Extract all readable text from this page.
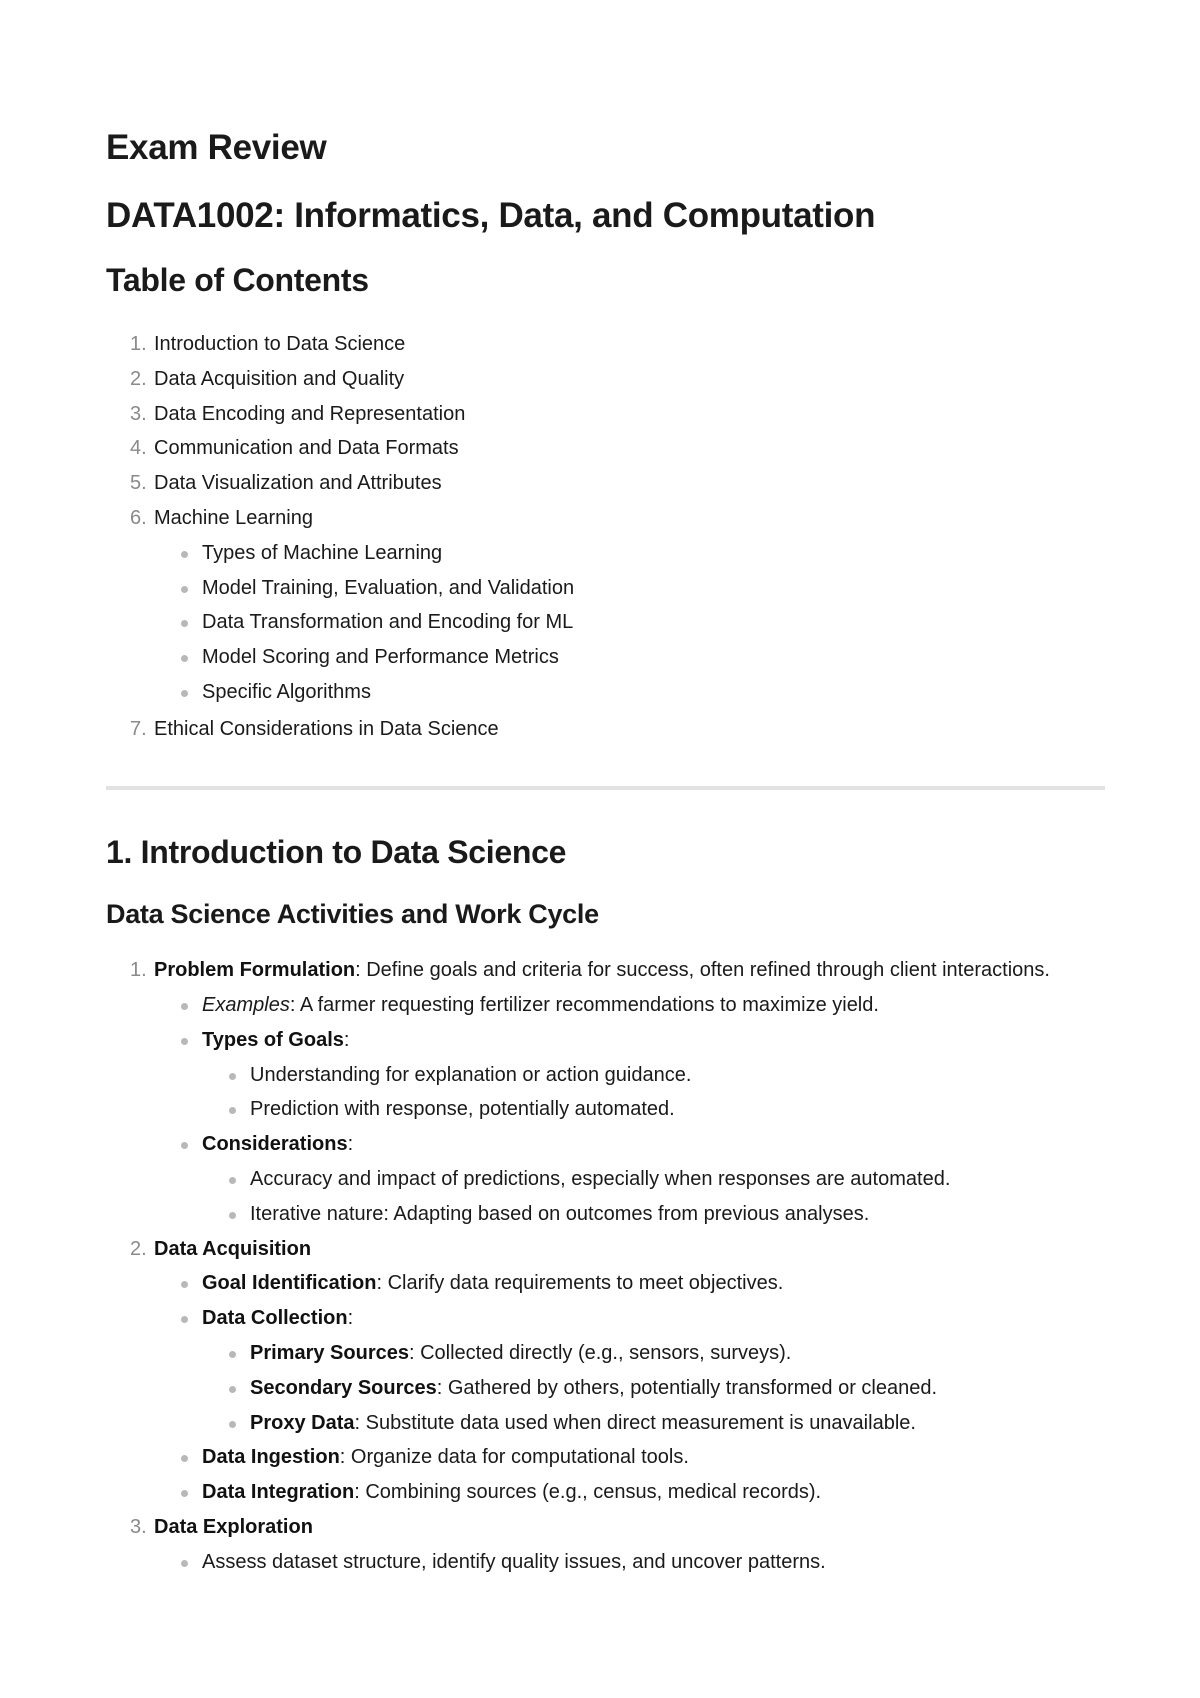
Exam Review
DATA1002: Informatics, Data, and Computation
Table of Contents
1. Introduction to Data Science
2. Data Acquisition and Quality
3. Data Encoding and Representation
4. Communication and Data Formats
5. Data Visualization and Attributes
6. Machine Learning
Types of Machine Learning
Model Training, Evaluation, and Validation
Data Transformation and Encoding for ML
Model Scoring and Performance Metrics
Specific Algorithms
7. Ethical Considerations in Data Science
1. Introduction to Data Science
Data Science Activities and Work Cycle
1. Problem Formulation: Define goals and criteria for success, often refined through client interactions.
Examples: A farmer requesting fertilizer recommendations to maximize yield.
Types of Goals:
Understanding for explanation or action guidance.
Prediction with response, potentially automated.
Considerations:
Accuracy and impact of predictions, especially when responses are automated.
Iterative nature: Adapting based on outcomes from previous analyses.
2. Data Acquisition
Goal Identification: Clarify data requirements to meet objectives.
Data Collection:
Primary Sources: Collected directly (e.g., sensors, surveys).
Secondary Sources: Gathered by others, potentially transformed or cleaned.
Proxy Data: Substitute data used when direct measurement is unavailable.
Data Ingestion: Organize data for computational tools.
Data Integration: Combining sources (e.g., census, medical records).
3. Data Exploration
Assess dataset structure, identify quality issues, and uncover patterns.
